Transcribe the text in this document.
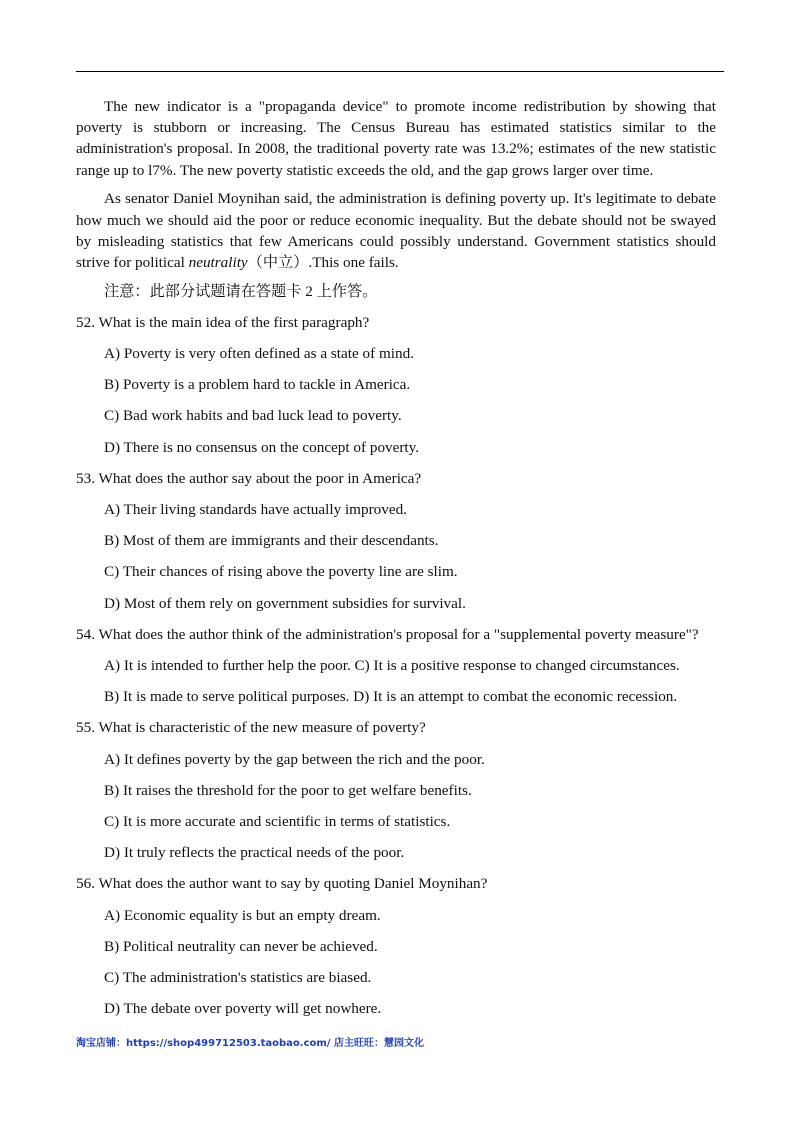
The new indicator is a "propaganda device" to promote income redistribution by showing that poverty is stubborn or increasing. The Census Bureau has estimated statistics similar to the administration's proposal. In 2008, the traditional poverty rate was 13.2%; estimates of the new statistic range up to l7%. The new poverty statistic exceeds the old, and the gap grows larger over time.

As senator Daniel Moynihan said, the administration is defining poverty up. It's legitimate to debate how much we should aid the poor or reduce economic inequality. But the debate should not be swayed by misleading statistics that few Americans could possibly understand. Government statistics should strive for political neutrality（中立）.This one fails.

注意：此部分试题请在答题卡 2 上作答。

52. What is the main idea of the first paragraph?

A) Poverty is very often defined as a state of mind.

B) Poverty is a problem hard to tackle in America.

C) Bad work habits and bad luck lead to poverty.

D) There is no consensus on the concept of poverty.

53. What does the author say about the poor in America?

A) Their living standards have actually improved.

B) Most of them are immigrants and their descendants.

C) Their chances of rising above the poverty line are slim.

D) Most of them rely on government subsidies for survival.

54. What does the author think of the administration's proposal for a "supplemental poverty measure"?

A) It is intended to further help the poor. C) It is a positive response to changed circumstances.

B) It is made to serve political purposes. D) It is an attempt to combat the economic recession.

55. What is characteristic of the new measure of poverty?

A) It defines poverty by the gap between the rich and the poor.

B) It raises the threshold for the poor to get welfare benefits.

C) It is more accurate and scientific in terms of statistics.

D) It truly reflects the practical needs of the poor.

56. What does the author want to say by quoting Daniel Moynihan?

A) Economic equality is but an empty dream.

B) Political neutrality can never be achieved.

C) The administration's statistics are biased.

D) The debate over poverty will get nowhere.

淘宝店铺：https://shop499712503.taobao.com/ 店主旺旺：慧园文化
